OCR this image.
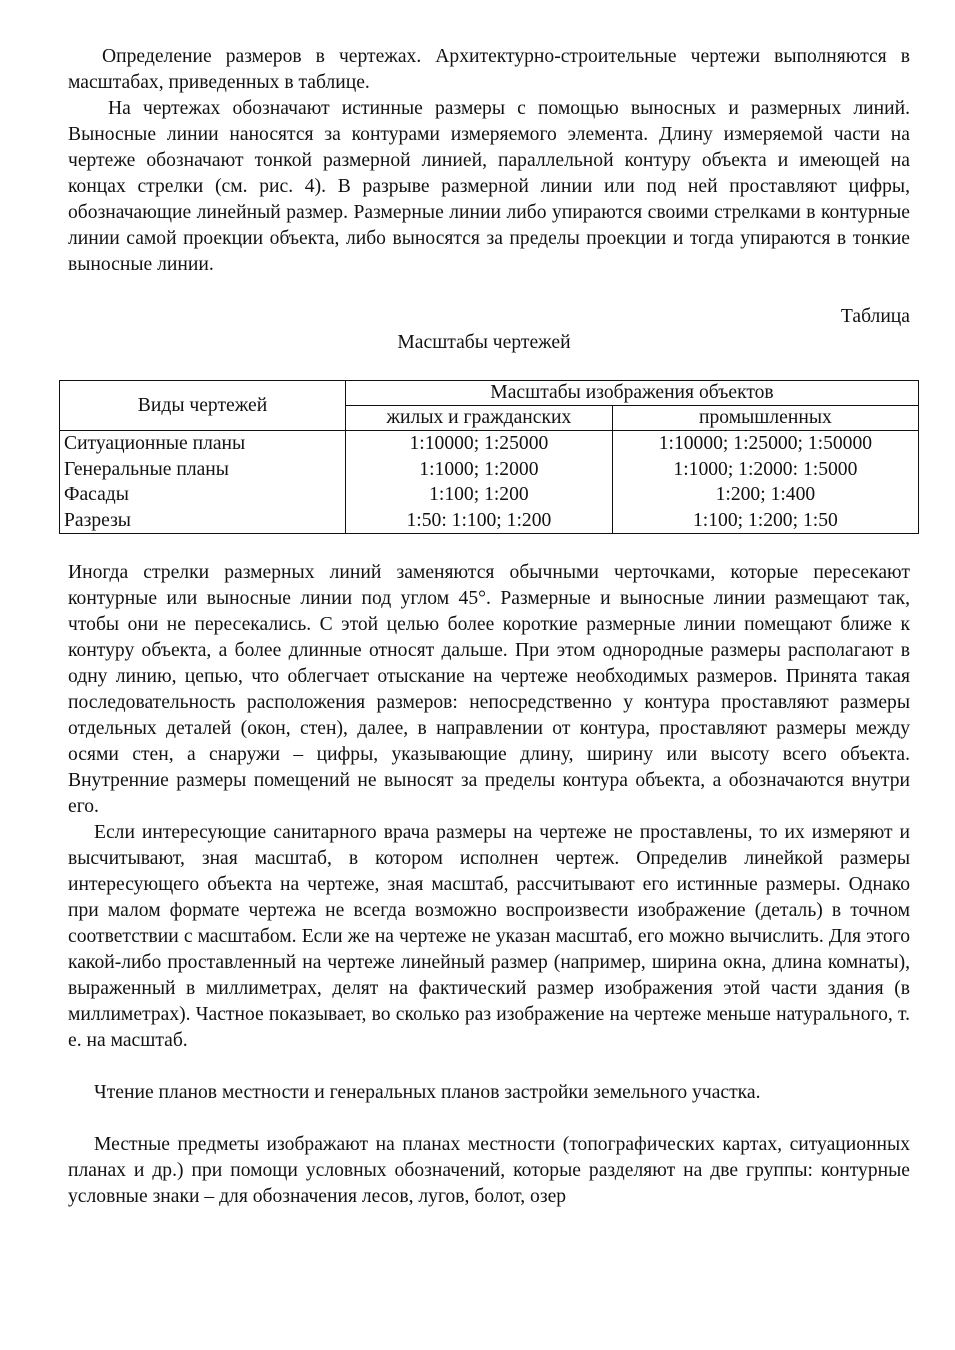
Определение размеров в чертежах. Архитектурно-строительные чертежи выполняются в масштабах, приведенных в таблице.

На чертежах обозначают истинные размеры с помощью выносных и размерных линий. Выносные линии наносятся за контурами измеряемого элемента. Длину измеряемой части на чертеже обозначают тонкой размерной линией, параллельной контуру объекта и имеющей на концах стрелки (см. рис. 4). В разрыве размерной линии или под ней проставляют цифры, обозначающие линейный размер. Размерные линии либо упираются своими стрелками в контурные линии самой проекции объекта, либо выносятся за пределы проекции и тогда упираются в тонкие выносные линии.

Таблица

Масштабы чертежей

Виды чертежей	Масштабы изображения объектов	
	жилых и гражданских	промышленных
Ситуационные планы	1:10000; 1:25000	1:10000; 1:25000; 1:50000
Генеральные планы	1:1000; 1:2000	1:1000; 1:2000: 1:5000
Фасады	1:100; 1:200	1:200; 1:400
Разрезы	1:50: 1:100; 1:200	1:100; 1:200; 1:50

Иногда стрелки размерных линий заменяются обычными черточками, которые пересекают контурные или выносные линии под углом 45°. Размерные и выносные линии размещают так, чтобы они не пересекались. С этой целью более короткие размерные линии помещают ближе к контуру объекта, а более длинные относят дальше. При этом однородные размеры располагают в одну линию, цепью, что облегчает отыскание на чертеже необходимых размеров. Принята такая последовательность расположения размеров: непосредственно у контура проставляют размеры отдельных деталей (окон, стен), далее, в направлении от контура, проставляют размеры между осями стен, а снаружи – цифры, указывающие длину, ширину или высоту всего объекта. Внутренние размеры помещений не выносят за пределы контура объекта, а обозначаются внутри его.

Если интересующие санитарного врача размеры на чертеже не проставлены, то их измеряют и высчитывают, зная масштаб, в котором исполнен чертеж. Определив линейкой размеры интересующего объекта на чертеже, зная масштаб, рассчитывают его истинные размеры. Однако при малом формате чертежа не всегда возможно воспроизвести изображение (деталь) в точном соответствии с масштабом. Если же на чертеже не указан масштаб, его можно вычислить. Для этого какой-либо проставленный на чертеже линейный размер (например, ширина окна, длина комнаты), выраженный в миллиметрах, делят на фактический размер изображения этой части здания (в миллиметрах). Частное показывает, во сколько раз изображение на чертеже меньше натурального, т. е. на масштаб.

Чтение планов местности и генеральных планов застройки земельного участка.

Местные предметы изображают на планах местности (топографических картах, ситуационных планах и др.) при помощи условных обозначений, которые разделяют на две группы: контурные условные знаки – для обозначения лесов, лугов, болот, озер
